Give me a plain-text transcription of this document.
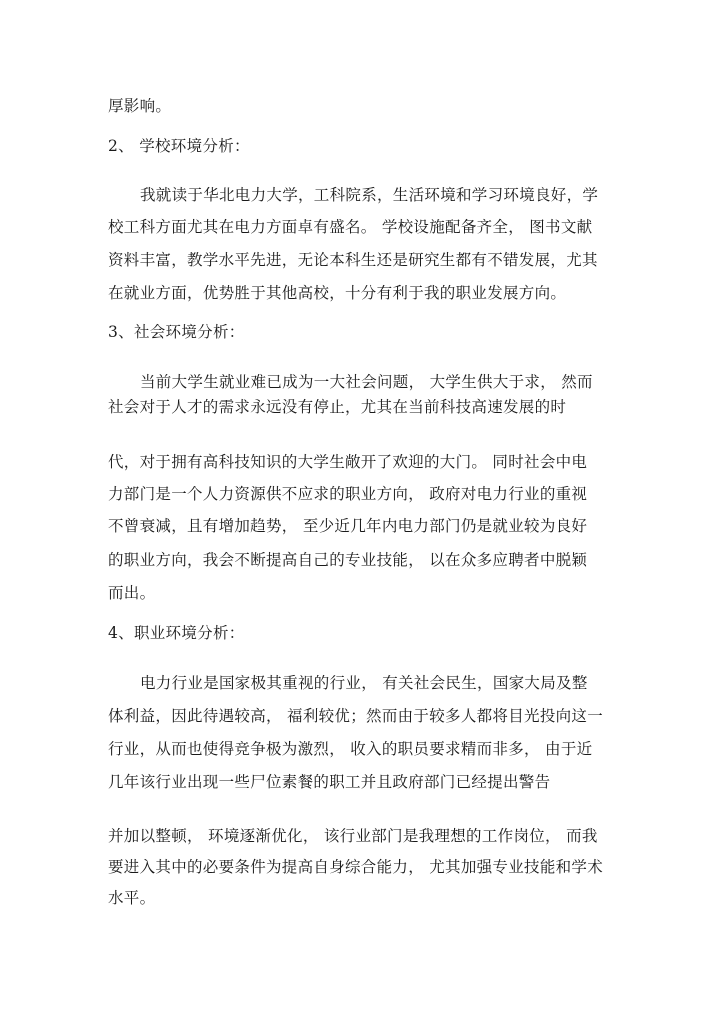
厚影响。
2、 学校环境分析：
我就读于华北电力大学，工科院系，生活环境和学习环境良好，学
校工科方面尤其在电力方面卓有盛名。 学校设施配备齐全， 图书文献
资料丰富，教学水平先进，无论本科生还是研究生都有不错发展，尤其
在就业方面，优势胜于其他高校，十分有利于我的职业发展方向。
3、社会环境分析：
当前大学生就业难已成为一大社会问题， 大学生供大于求， 然而
社会对于人才的需求永远没有停止，尤其在当前科技高速发展的时
代，对于拥有高科技知识的大学生敞开了欢迎的大门。 同时社会中电
力部门是一个人力资源供不应求的职业方向， 政府对电力行业的重视
不曾衰减，且有增加趋势， 至少近几年内电力部门仍是就业较为良好
的职业方向，我会不断提高自己的专业技能， 以在众多应聘者中脱颖
而出。
4、职业环境分析：
电力行业是国家极其重视的行业， 有关社会民生，国家大局及整
体利益，因此待遇较高， 福利较优；然而由于较多人都将目光投向这一
行业，从而也使得竞争极为激烈， 收入的职员要求精而非多， 由于近
几年该行业出现一些尸位素餐的职工并且政府部门已经提出警告
并加以整顿， 环境逐渐优化， 该行业部门是我理想的工作岗位， 而我
要进入其中的必要条件为提高自身综合能力， 尤其加强专业技能和学术
水平。
